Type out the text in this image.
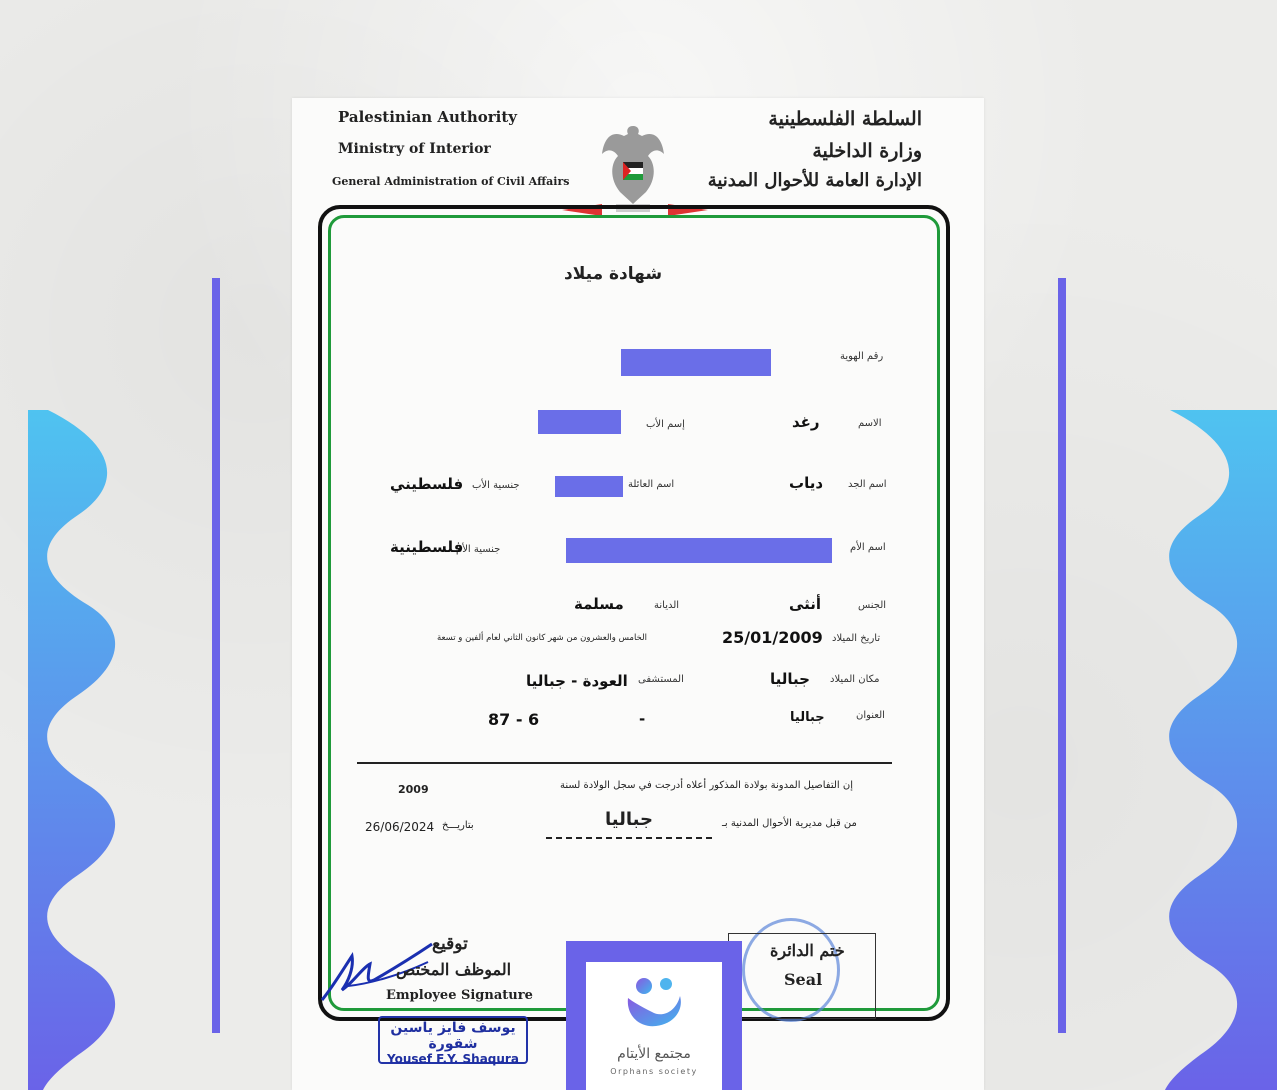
Palestinian Authority
Ministry of Interior
General Administration of Civil Affairs
السلطة الفلسطينية
وزارة الداخلية
الإدارة العامة للأحوال المدنية
شهادة ميلاد
رقم الهوية
الاسم
رغد
إسم الأب
اسم الجد
دياب
اسم العائلة
جنسية الأب
فلسطيني
اسم الأم
جنسية الأم
فلسطينية
الجنس
أنثى
الديانة
مسلمة
تاريخ الميلاد
25/01/2009
الخامس والعشرون من شهر كانون الثاني لعام ألفين و تسعة
مكان الميلاد
جباليا
المستشفى
العودة - جباليا
العنوان
جباليا
-
87 - 6
إن التفاصيل المدونة بولادة المذكور أعلاه أدرجت في سجل الولادة لسنة
2009
من قبل مديرية الأحوال المدنية بـ
جباليا
بتاريـــخ
26/06/2024
توقيع
الموظف المختص
Employee Signature
يوسف فايز ياسين شقورة
Yousef F.Y. Shaqura
ختم الدائرة
Seal
مجتمع الأيتام
Orphans society
